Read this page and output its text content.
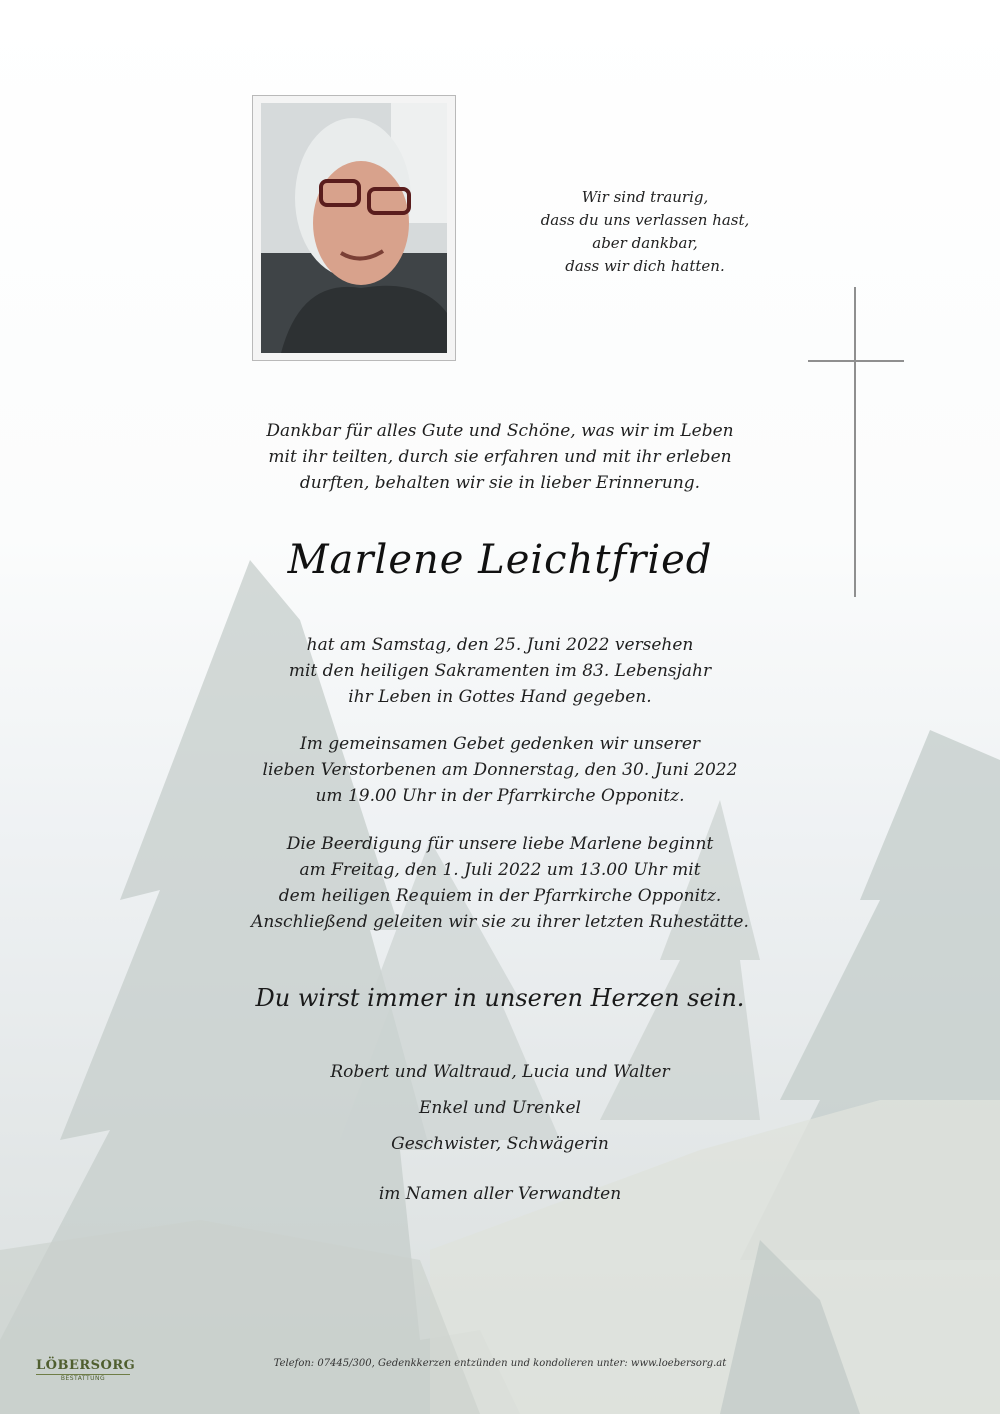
Wir sind traurig,
dass du uns verlassen hast,
aber dankbar,
dass wir dich hatten.
Dankbar für alles Gute und Schöne, was wir im Leben
mit ihr teilten, durch sie erfahren und mit ihr erleben
durften, behalten wir sie in lieber Erinnerung.
Marlene Leichtfried
hat am Samstag, den 25. Juni 2022 versehen
mit den heiligen Sakramenten im 83. Lebensjahr
ihr Leben in Gottes Hand gegeben.
Im gemeinsamen Gebet gedenken wir unserer
lieben Verstorbenen am Donnerstag, den 30. Juni 2022
um 19.00 Uhr in der Pfarrkirche Opponitz.
Die Beerdigung für unsere liebe Marlene beginnt
am Freitag, den 1. Juli 2022 um 13.00 Uhr mit
dem heiligen Requiem in der Pfarrkirche Opponitz.
Anschließend geleiten wir sie zu ihrer letzten Ruhestätte.
Du wirst immer in unseren Herzen sein.
Robert und Waltraud, Lucia und Walter
Enkel und Urenkel
Geschwister, Schwägerin
im Namen aller Verwandten
LÖBERSORG
BESTATTUNG
Telefon: 07445/300, Gedenkkerzen entzünden und kondolieren unter: www.loebersorg.at
